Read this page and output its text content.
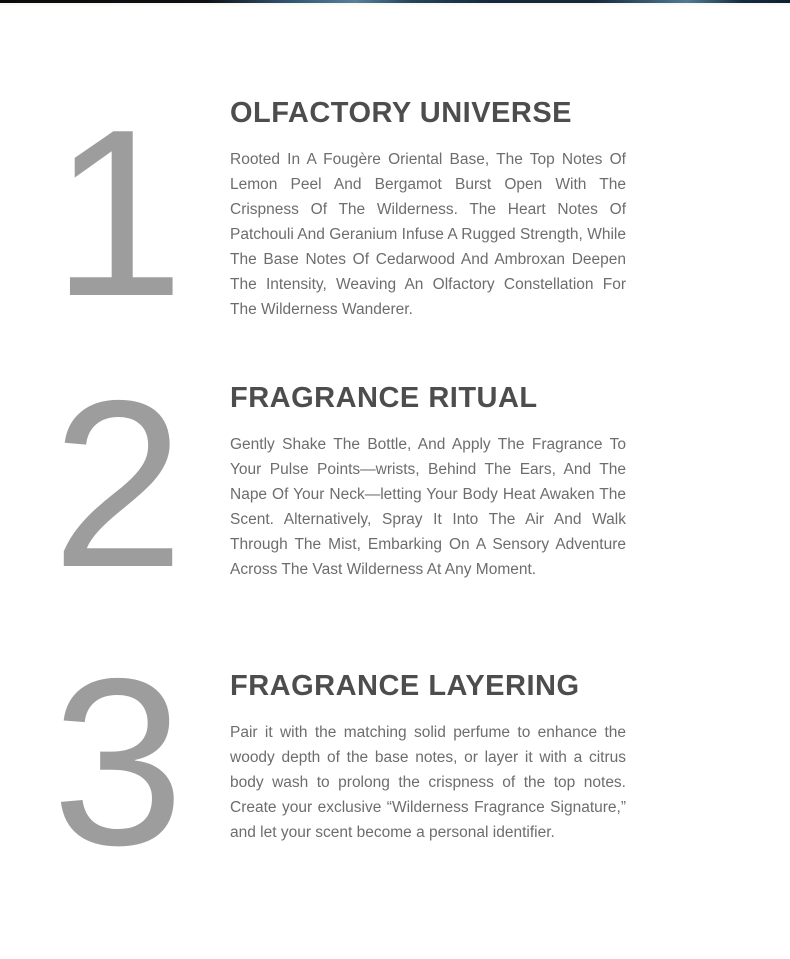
1 OLFACTORY UNIVERSE

Rooted In A Fougère Oriental Base, The Top Notes Of Lemon Peel And Bergamot Burst Open With The Crispness Of The Wilderness. The Heart Notes Of Patchouli And Geranium Infuse A Rugged Strength, While The Base Notes Of Cedarwood And Ambroxan Deepen The Intensity, Weaving An Olfactory Constellation For The Wilderness Wanderer.

2 FRAGRANCE RITUAL

Gently Shake The Bottle, And Apply The Fragrance To Your Pulse Points—wrists, Behind The Ears, And The Nape Of Your Neck—letting Your Body Heat Awaken The Scent. Alternatively, Spray It Into The Air And Walk Through The Mist, Embarking On A Sensory Adventure Across The Vast Wilderness At Any Moment.

3 FRAGRANCE LAYERING

Pair it with the matching solid perfume to enhance the woody depth of the base notes, or layer it with a citrus body wash to prolong the crispness of the top notes. Create your exclusive “Wilderness Fragrance Signature,” and let your scent become a personal identifier.
